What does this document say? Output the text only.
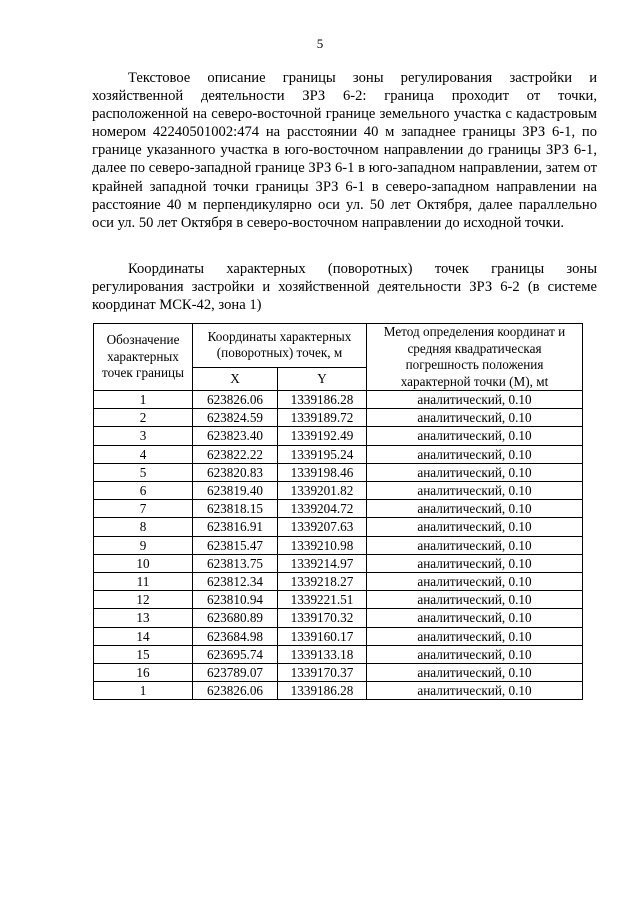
5

Текстовое описание границы зоны регулирования застройки и хозяйственной деятельности ЗРЗ 6-2: граница проходит от точки, расположенной на северо-восточной границе земельного участка с кадастровым номером 42240501002:474 на расстоянии 40 м западнее границы ЗРЗ 6-1, по границе указанного участка в юго-восточном направлении до границы ЗРЗ 6-1, далее по северо-западной границе ЗРЗ 6-1 в юго-западном направлении, затем от крайней западной точки границы ЗРЗ 6-1 в северо-западном направлении на расстояние 40 м перпендикулярно оси ул. 50 лет Октября, далее параллельно оси ул. 50 лет Октября в северо-восточном направлении до исходной точки.

Координаты характерных (поворотных) точек границы зоны регулирования застройки и хозяйственной деятельности ЗРЗ 6-2 (в системе координат МСК-42, зона 1)

Обозначение характерных точек границы	Координаты характерных (поворотных) точек, м		Метод определения координат и средняя квадратическая погрешность положения характерной точки (М), мt
	X	Y	
1	623826.06	1339186.28	аналитический, 0.10
2	623824.59	1339189.72	аналитический, 0.10
3	623823.40	1339192.49	аналитический, 0.10
4	623822.22	1339195.24	аналитический, 0.10
5	623820.83	1339198.46	аналитический, 0.10
6	623819.40	1339201.82	аналитический, 0.10
7	623818.15	1339204.72	аналитический, 0.10
8	623816.91	1339207.63	аналитический, 0.10
9	623815.47	1339210.98	аналитический, 0.10
10	623813.75	1339214.97	аналитический, 0.10
11	623812.34	1339218.27	аналитический, 0.10
12	623810.94	1339221.51	аналитический, 0.10
13	623680.89	1339170.32	аналитический, 0.10
14	623684.98	1339160.17	аналитический, 0.10
15	623695.74	1339133.18	аналитический, 0.10
16	623789.07	1339170.37	аналитический, 0.10
1	623826.06	1339186.28	аналитический, 0.10
